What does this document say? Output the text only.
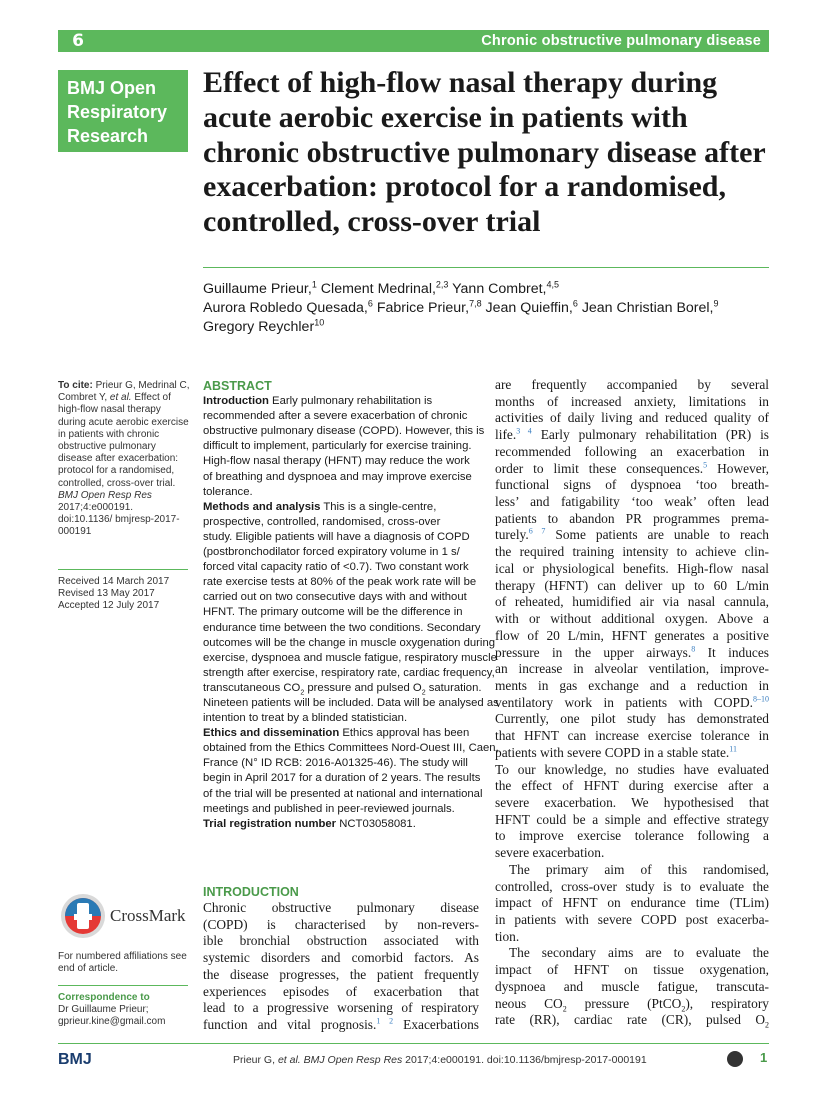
6	Chronic obstructive pulmonary disease
BMJ Open
Respiratory
Research
Effect of high-flow nasal therapy during acute aerobic exercise in patients with chronic obstructive pulmonary disease after exacerbation: protocol for a randomised, controlled, cross-over trial
Guillaume Prieur,$^1$ Clement Medrinal,$^{2,3}$ Yann Combret,$^{4,5}$
Aurora Robledo Quesada,$^6$ Fabrice Prieur,$^{7,8}$ Jean Quieffin,$^6$ Jean Christian Borel,$^9$
Gregory Reychler$^{10}$
To cite: Prieur G, Medrinal C, Combret Y, et al. Effect of high-flow nasal therapy during acute aerobic exercise in patients with chronic obstructive pulmonary disease after exacerbation: protocol for a randomised, controlled, cross-over trial. BMJ Open Resp Res 2017;4:e000191. doi:10.1136/ bmjresp-2017-000191
Received 14 March 2017
Revised 13 May 2017
Accepted 12 July 2017
CrossMark
For numbered affiliations see end of article.
Correspondence to
Dr Guillaume Prieur;
gprieur.kine@gmail.com
ABSTRACT
Introduction Early pulmonary rehabilitation is
recommended after a severe exacerbation of chronic
obstructive pulmonary disease (COPD). However, this is
difficult to implement, particularly for exercise training.
High-flow nasal therapy (HFNT) may reduce the work
of breathing and dyspnoea and may improve exercise
tolerance.
Methods and analysis This is a single-centre,
prospective, controlled, randomised, cross-over
study. Eligible patients will have a diagnosis of COPD
(postbronchodilator forced expiratory volume in 1 s/
forced vital capacity ratio of <0.7). Two constant work
rate exercise tests at 80% of the peak work rate will be
carried out on two consecutive days with and without
HFNT. The primary outcome will be the difference in
endurance time between the two conditions. Secondary
outcomes will be the change in muscle oxygenation during
exercise, dyspnoea and muscle fatigue, respiratory muscle
strength after exercise, respiratory rate, cardiac frequency,
transcutaneous $CO_2$ pressure and pulsed $O_2$ saturation.
Nineteen patients will be included. Data will be analysed as
intention to treat by a blinded statistician.
Ethics and dissemination Ethics approval has been
obtained from the Ethics Committees Nord-Ouest III, Caen,
France (N° ID RCB: 2016-A01325-46). The study will
begin in April 2017 for a duration of 2 years. The results
of the trial will be presented at national and international
meetings and published in peer-reviewed journals.
Trial registration number NCT03058081.
INTRODUCTION
Chronic obstructive pulmonary disease
(COPD) is characterised by non-revers-
ible bronchial obstruction associated with
systemic disorders and comorbid factors. As
the disease progresses, the patient frequently
experiences episodes of exacerbation that
lead to a progressive worsening of respiratory
function and vital prognosis.$^{1 2}$ Exacerbations
are frequently accompanied by several
months of increased anxiety, limitations in
activities of daily living and reduced quality of
life.$^{3 4}$ Early pulmonary rehabilitation (PR) is
recommended following an exacerbation in
order to limit these consequences.$^5$ However,
functional signs of dyspnoea ‘too breath-
less’ and fatigability ‘too weak’ often lead
patients to abandon PR programmes prema-
turely.$^{6 7}$ Some patients are unable to reach
the required training intensity to achieve clin-
ical or physiological benefits. High-flow nasal
therapy (HFNT) can deliver up to 60 L/min
of reheated, humidified air via nasal cannula,
with or without additional oxygen. Above a
flow of 20 L/min, HFNT generates a positive
pressure in the upper airways.$^8$ It induces
an increase in alveolar ventilation, improve-
ments in gas exchange and a reduction in
ventilatory work in patients with COPD.$^{8-10}$
Currently, one pilot study has demonstrated
that HFNT can increase exercise tolerance in
patients with severe COPD in a stable state.$^{11}$
To our knowledge, no studies have evaluated
the effect of HFNT during exercise after a
severe exacerbation. We hypothesised that
HFNT could be a simple and effective strategy
to improve exercise tolerance following a
severe exacerbation.
The primary aim of this randomised,
controlled, cross-over study is to evaluate the
impact of HFNT on endurance time (TLim)
in patients with severe COPD post exacerba-
tion.
The secondary aims are to evaluate the
impact of HFNT on tissue oxygenation,
dyspnoea and muscle fatigue, transcuta-
neous $CO_2$ pressure (PtCO$_2$), respiratory
rate (RR), cardiac rate (CR), pulsed $O_2$
BMJ	Prieur G, et al. BMJ Open Resp Res 2017;4:e000191. doi:10.1136/bmjresp-2017-000191	1
